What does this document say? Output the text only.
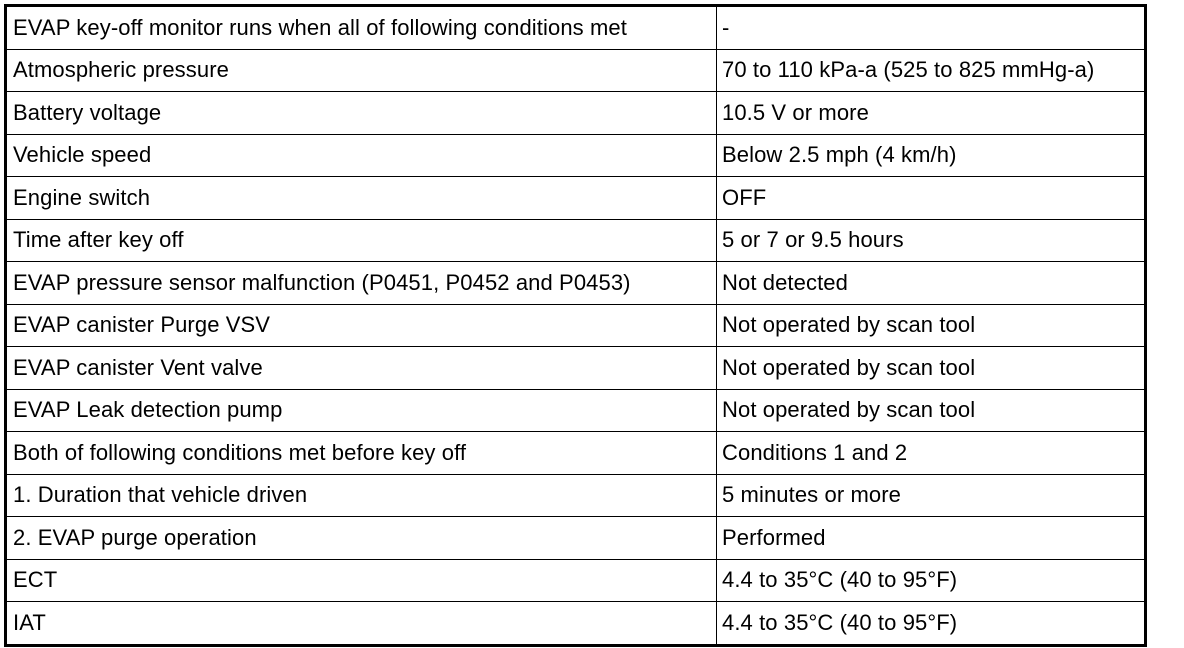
EVAP key-off monitor runs when all of following conditions met	-
Atmospheric pressure	70 to 110 kPa-a (525 to 825 mmHg-a)
Battery voltage	10.5 V or more
Vehicle speed	Below 2.5 mph (4 km/h)
Engine switch	OFF
Time after key off	5 or 7 or 9.5 hours
EVAP pressure sensor malfunction (P0451, P0452 and P0453)	Not detected
EVAP canister Purge VSV	Not operated by scan tool
EVAP canister Vent valve	Not operated by scan tool
EVAP Leak detection pump	Not operated by scan tool
Both of following conditions met before key off	Conditions 1 and 2
1. Duration that vehicle driven	5 minutes or more
2. EVAP purge operation	Performed
ECT	4.4 to 35°C (40 to 95°F)
IAT	4.4 to 35°C (40 to 95°F)
